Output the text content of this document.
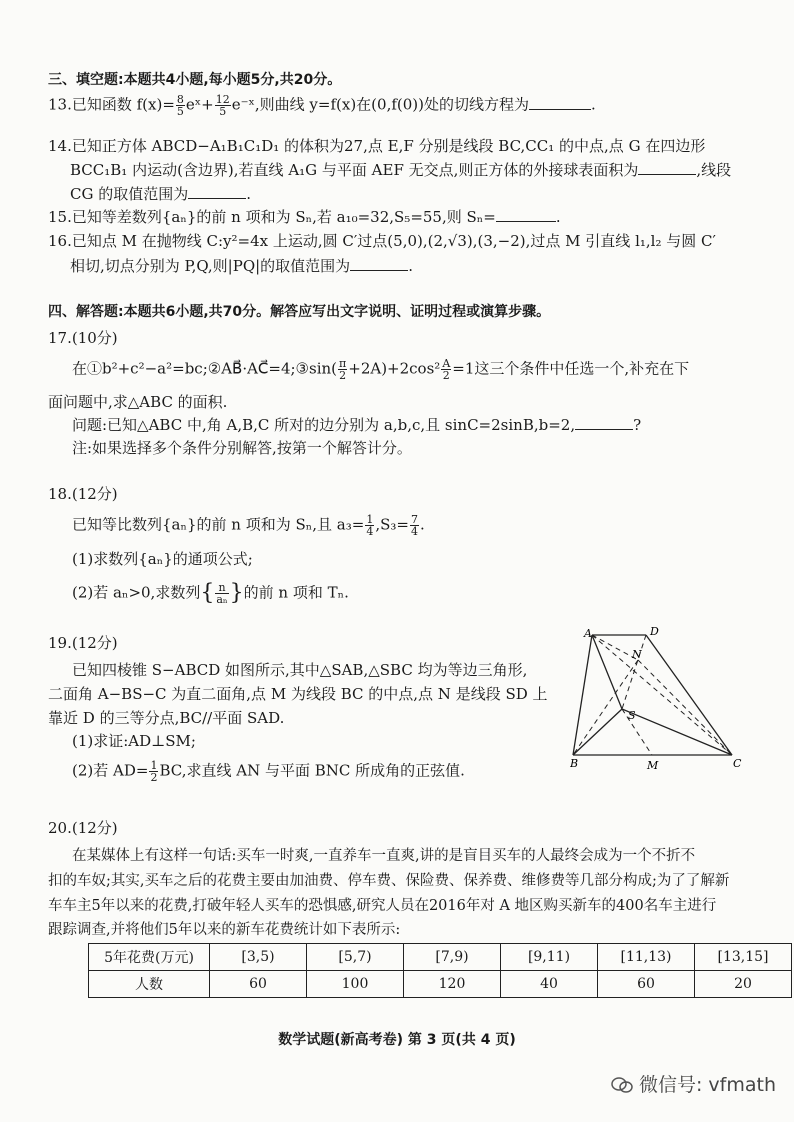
三、填空题:本题共4小题,每小题5分,共20分。
13.已知函数 $f(x)= \frac{8}{5}$ eˣ+ $\frac{12}{5}$ e⁻ˣ,则曲线 y=f(x)在(0,f(0))处的切线方程为	.
14.已知正方体 ABCD−A₁B₁C₁D₁ 的体积为27,点 E,F 分别是线段 BC,CC₁ 的中点,点 G 在四边形
BCC₁B₁ 内运动(含边界),若直线 A₁G 与平面 AEF 无交点,则正方体的外接球表面积为	,线段
CG 的取值范围为	.
15.已知等差数列{aₙ}的前 n 项和为 Sₙ,若 a₁₀=32,S₅=55,则 Sₙ=	.
16.已知点 M 在抛物线 C:y²=4x 上运动,圆 C′过点(5,0),(2,√3),(3,−2),过点 M 引直线 l₁,l₂ 与圆 C′
相切,切点分别为 P,Q,则|PQ|的取值范围为	.
四、解答题:本题共6小题,共70分。解答应写出文字说明、证明过程或演算步骤。
17.(10分)
在①b²+c²−a²=bc;②AB⃗·AC⃗=4;③sin( $\frac{\pi}{2} +2A)+2\cos^2 \frac{A}{2} =1$这三个条件中任选一个,补充在下
面问题中,求△ABC 的面积.
问题:已知△ABC 中,角 A,B,C 所对的边分别为 a,b,c,且 sinC=2sinB,b=2,	?
注:如果选择多个条件分别解答,按第一个解答计分。
18.(12分)
已知等比数列{aₙ}的前 n 项和为 Sₙ,且 $a_3= \frac{1}{4} ,S_3= \frac{7}{4}$ .
(1)求数列{aₙ}的通项公式;
(2)若 aₙ>0,求数列{ $\frac{n}{\text{aₙ}}$ }的前 n 项和 Tₙ.
19.(12分)
已知四棱锥 S−ABCD 如图所示,其中△SAB,△SBC 均为等边三角形,
二面角 A−BS−C 为直二面角,点 M 为线段 BC 的中点,点 N 是线段 SD 上
靠近 D 的三等分点,BC//平面 SAD.
(1)求证:AD⊥SM;
(2)若 $AD= \frac{1}{2}$ BC,求直线 AN 与平面 BNC 所成角的正弦值.
A	D
B	C
S
M
N
20.(12分)
在某媒体上有这样一句话:买车一时爽,一直养车一直爽,讲的是盲目买车的人最终会成为一个不折不
扣的车奴;其实,买车之后的花费主要由加油费、停车费、保险费、保养费、维修费等几部分构成;为了了解新
车车主5年以来的花费,打破年轻人买车的恐惧感,研究人员在2016年对 A 地区购买新车的400名车主进行
跟踪调查,并将他们5年以来的新车花费统计如下表所示:
5年花费(万元)	[3,5)	[5,7)	[7,9)	[9,11)	[11,13)	[13,15]
人数	60	100	120	40	60	20
数学试题(新高考卷) 第 3 页(共 4 页)
微信号: vfmath
